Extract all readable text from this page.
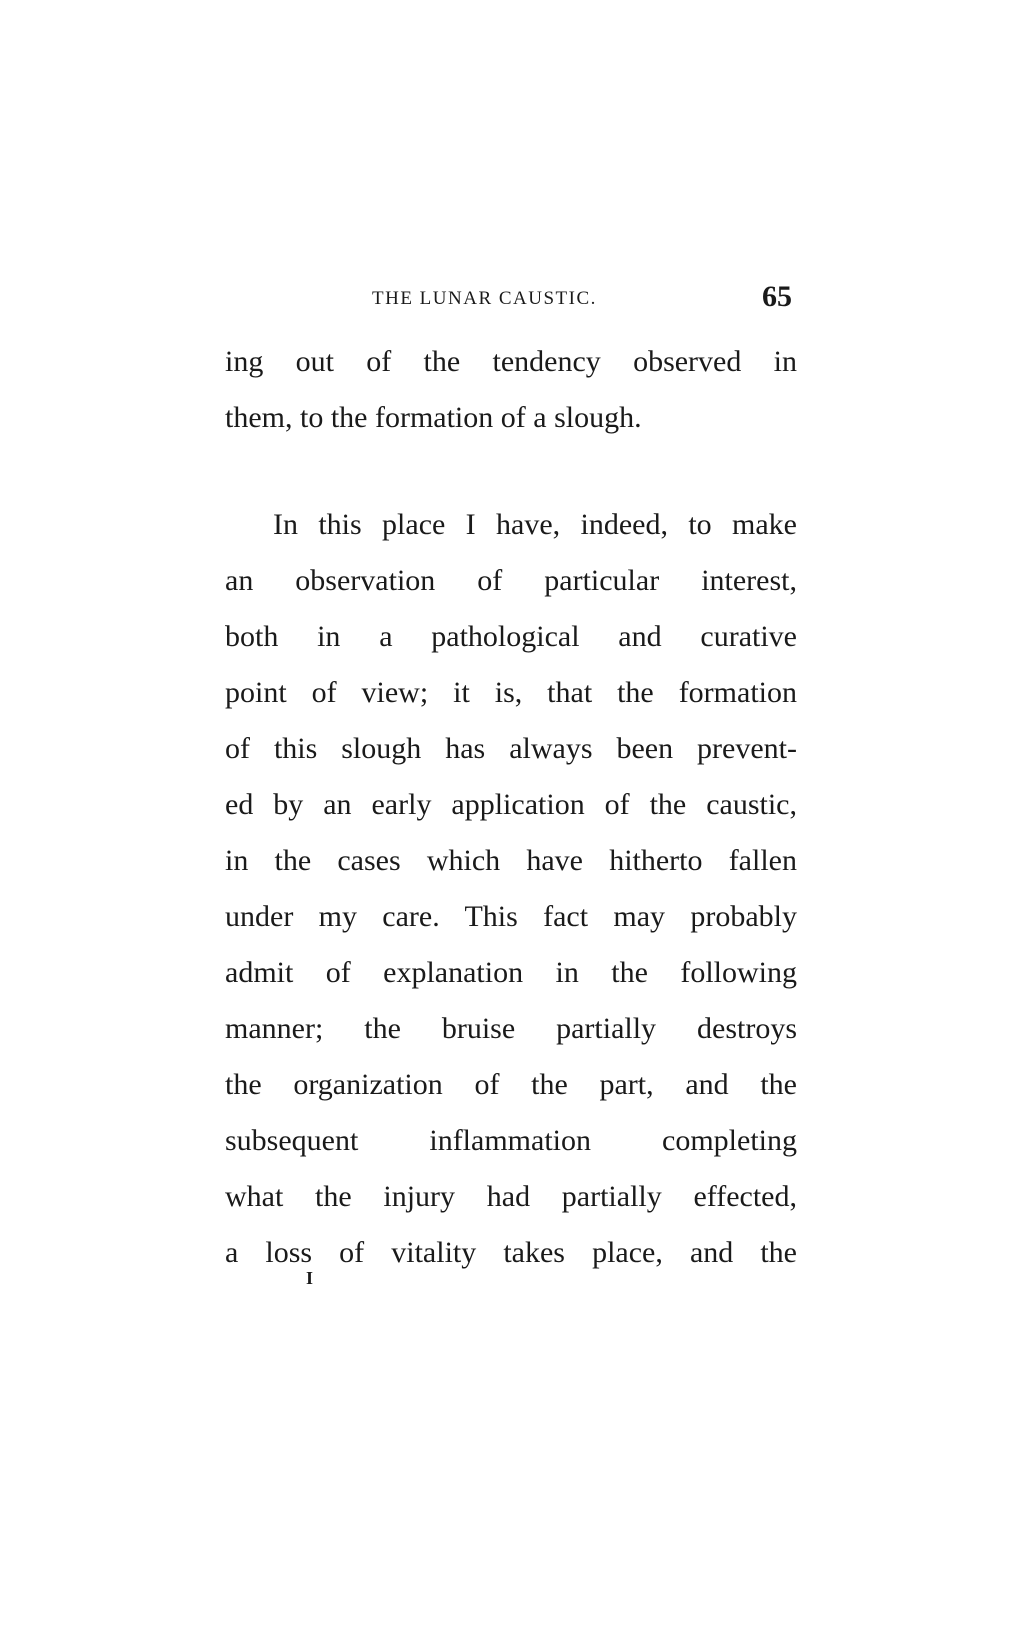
THE LUNAR CAUSTIC.	65
ing out of the tendency observed in
them, to the formation of a slough.
In this place I have, indeed, to make
an observation of particular interest,
both in a pathological and curative
point of view; it is, that the formation
of this slough has always been prevent-
ed by an early application of the caustic,
in the cases which have hitherto fallen
under my care. This fact may probably
admit of explanation in the following
manner; the bruise partially destroys
the organization of the part, and the
subsequent inflammation completing
what the injury had partially effected,
a loss of vitality takes place, and the
I
